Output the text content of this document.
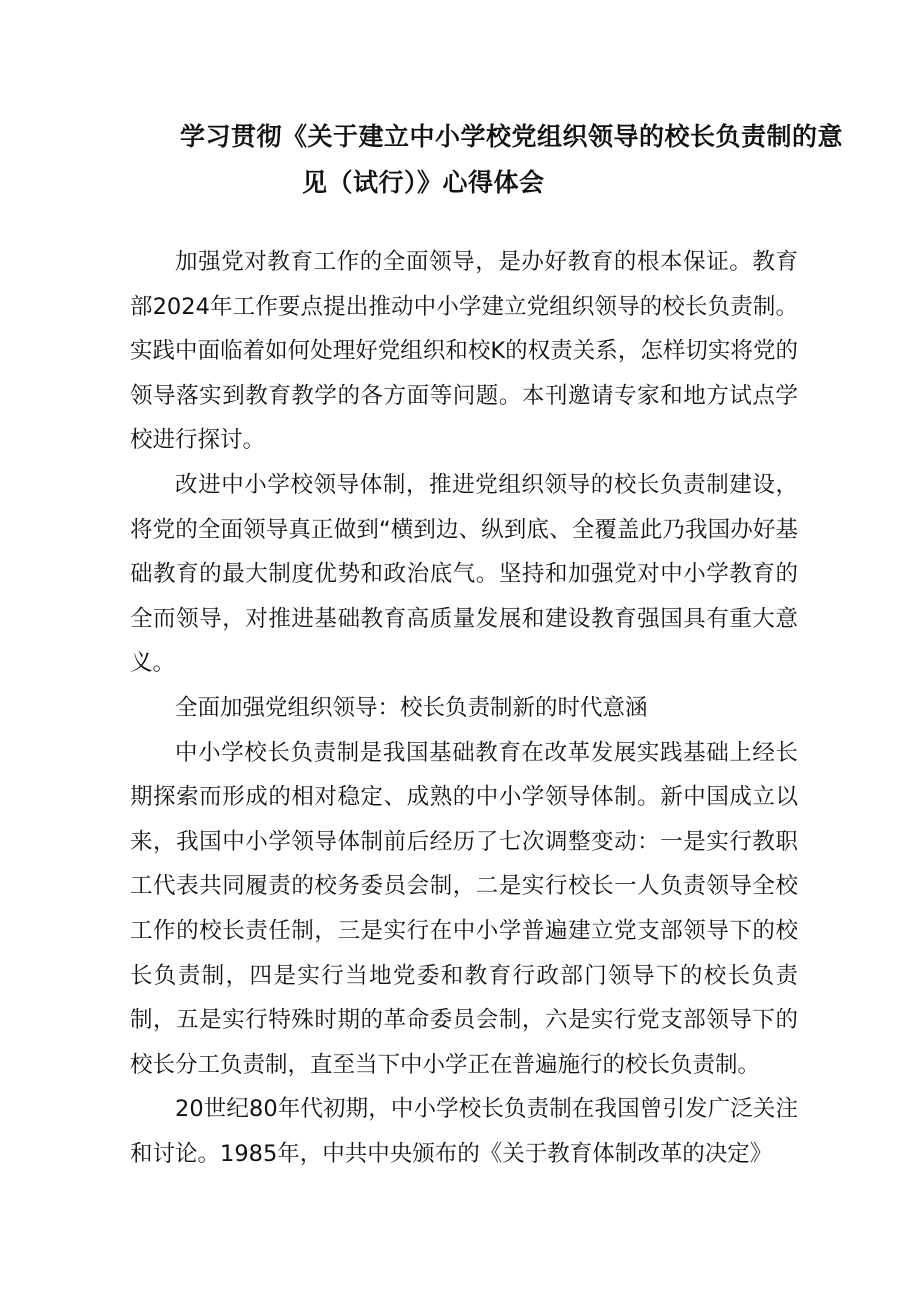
学习贯彻《关于建立中小学校党组织领导的校长负责制的意
见（试行）》心得体会

加强党对教育工作的全面领导，是办好教育的根本保证。教育部2024年工作要点提出推动中小学建立党组织领导的校长负责制。实践中面临着如何处理好党组织和校K的权责关系，怎样切实将党的领导落实到教育教学的各方面等问题。本刊邀请专家和地方试点学校进行探讨。

改进中小学校领导体制，推进党组织领导的校长负责制建设，将党的全面领导真正做到“横到边、纵到底、全覆盖此乃我国办好基础教育的最大制度优势和政治底气。坚持和加强党对中小学教育的全而领导，对推进基础教育高质量发展和建设教育强国具有重大意义。

全面加强党组织领导：校长负责制新的时代意涵

中小学校长负责制是我国基础教育在改革发展实践基础上经长期探索而形成的相对稳定、成熟的中小学领导体制。新中国成立以来，我国中小学领导体制前后经历了七次调整变动：一是实行教职工代表共同履责的校务委员会制，二是实行校长一人负责领导全校工作的校长责任制，三是实行在中小学普遍建立党支部领导下的校长负责制，四是实行当地党委和教育行政部门领导下的校长负责制，五是实行特殊时期的革命委员会制，六是实行党支部领导下的校长分工负责制，直至当下中小学正在普遍施行的校长负责制。

20世纪80年代初期，中小学校长负责制在我国曾引发广泛关注和讨论。1985年，中共中央颁布的《关于教育体制改革的决定》
